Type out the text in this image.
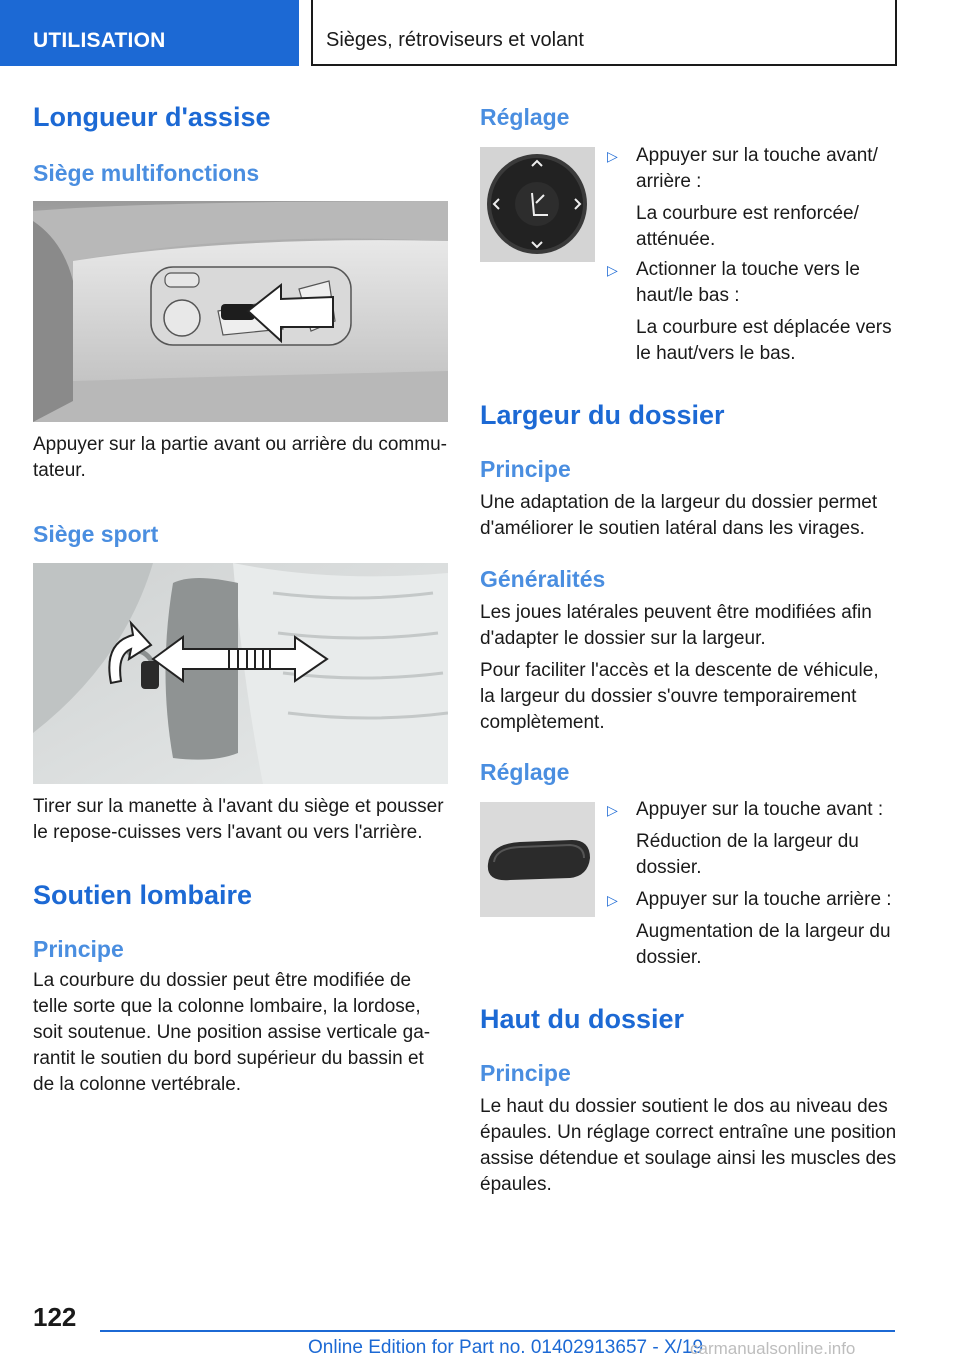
UTILISATION	Sièges, rétroviseurs et volant
Longueur d'assise
Siège multifonctions

Appuyer sur la partie avant ou arrière du commu-tateur.

Siège sport

Tirer sur la manette à l'avant du siège et pousser le repose-cuisses vers l'avant ou vers l'arrière.

Soutien lombaire
Principe

La courbure du dossier peut être modifiée de telle sorte que la colonne lombaire, la lordose, soit soutenue. Une position assise verticale ga-rantit le soutien du bord supérieur du bassin et de la colonne vertébrale.

Réglage
▷ Appuyer sur la touche avant/ arrière :
La courbure est renforcée/ atténuée.
▷ Actionner la touche vers le haut/le bas :
La courbure est déplacée vers le haut/vers le bas.
Largeur du dossier
Principe

Une adaptation de la largeur du dossier permet d'améliorer le soutien latéral dans les virages.

Généralités

Les joues latérales peuvent être modifiées afin d'adapter le dossier sur la largeur.

Pour faciliter l'accès et la descente de véhicule, la largeur du dossier s'ouvre temporairement complètement.

Réglage
▷ Appuyer sur la touche avant :
Réduction de la largeur du dossier.
▷ Appuyer sur la touche arrière :
Augmentation de la largeur du dossier.
Haut du dossier
Principe

Le haut du dossier soutient le dos au niveau des épaules. Un réglage correct entraîne une position assise détendue et soulage ainsi les muscles des épaules.

122
Online Edition for Part no. 01402913657 - X/19
carmanualsonline.info
